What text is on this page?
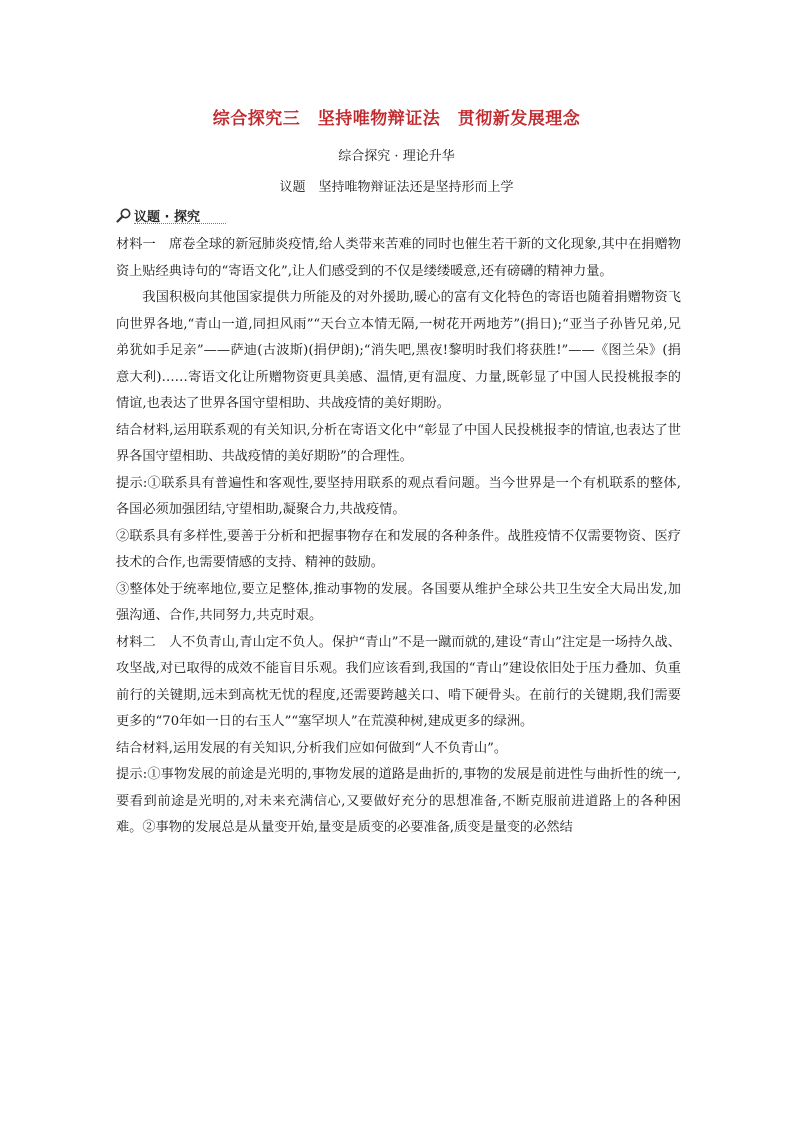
综合探究三　坚持唯物辩证法　贯彻新发展理念
综合探究 · 理论升华
议题　坚持唯物辩证法还是坚持形而上学
议题 · 探究

材料一　席卷全球的新冠肺炎疫情,给人类带来苦难的同时也催生若干新的文化现象,其中在捐赠物资上贴经典诗句的“寄语文化”,让人们感受到的不仅是缕缕暖意,还有磅礴的精神力量。

我国积极向其他国家提供力所能及的对外援助,暖心的富有文化特色的寄语也随着捐赠物资飞向世界各地,“青山一道,同担风雨”“天台立本情无隔,一树花开两地芳”(捐日);“亚当子孙皆兄弟,兄弟犹如手足亲”——萨迪(古波斯)(捐伊朗);“消失吧,黑夜!黎明时我们将获胜!”——《图兰朵》(捐意大利)……寄语文化让所赠物资更具美感、温情,更有温度、力量,既彰显了中国人民投桃报李的情谊,也表达了世界各国守望相助、共战疫情的美好期盼。

结合材料,运用联系观的有关知识,分析在寄语文化中“彰显了中国人民投桃报李的情谊,也表达了世界各国守望相助、共战疫情的美好期盼”的合理性。

提示:①联系具有普遍性和客观性,要坚持用联系的观点看问题。当今世界是一个有机联系的整体,各国必须加强团结,守望相助,凝聚合力,共战疫情。

②联系具有多样性,要善于分析和把握事物存在和发展的各种条件。战胜疫情不仅需要物资、医疗技术的合作,也需要情感的支持、精神的鼓励。

③整体处于统率地位,要立足整体,推动事物的发展。各国要从维护全球公共卫生安全大局出发,加强沟通、合作,共同努力,共克时艰。

材料二　人不负青山,青山定不负人。保护“青山”不是一蹴而就的,建设“青山”注定是一场持久战、攻坚战,对已取得的成效不能盲目乐观。我们应该看到,我国的“青山”建设依旧处于压力叠加、负重前行的关键期,远未到高枕无忧的程度,还需要跨越关口、啃下硬骨头。在前行的关键期,我们需要更多的“70年如一日的右玉人”“塞罕坝人”在荒漠种树,建成更多的绿洲。

结合材料,运用发展的有关知识,分析我们应如何做到“人不负青山”。

提示:①事物发展的前途是光明的,事物发展的道路是曲折的,事物的发展是前进性与曲折性的统一,要看到前途是光明的,对未来充满信心,又要做好充分的思想准备,不断克服前进道路上的各种困难。②事物的发展总是从量变开始,量变是质变的必要准备,质变是量变的必然结
